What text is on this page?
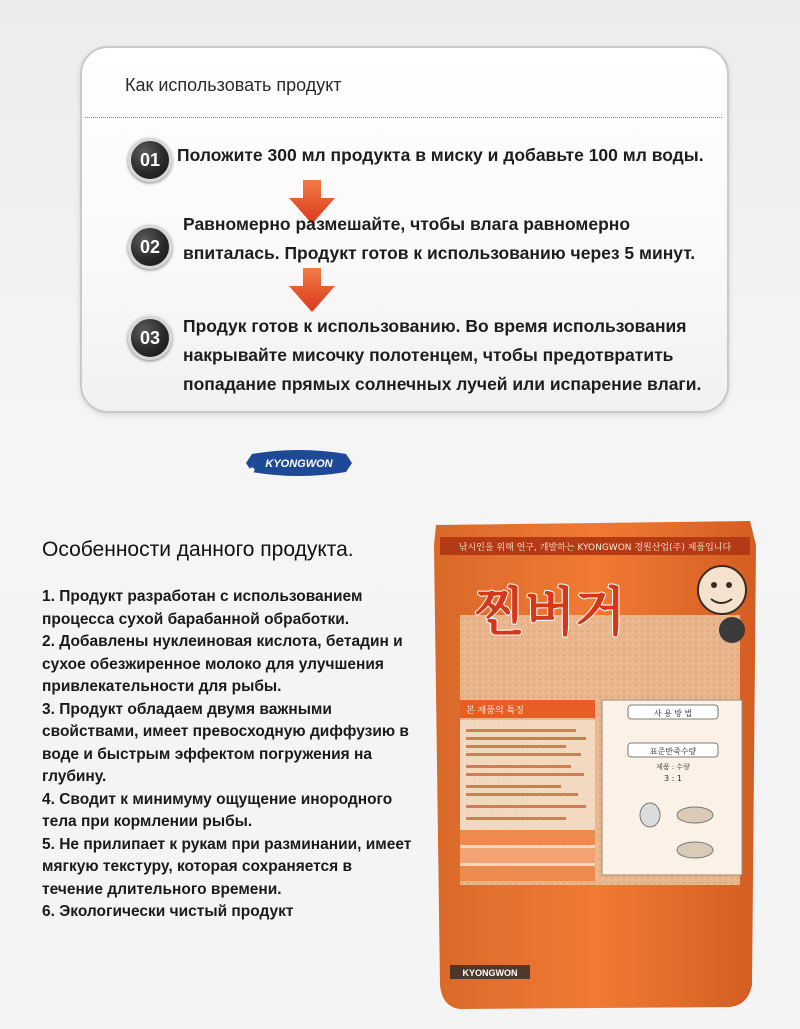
Как использовать продукт
01 Положите 300 мл продукта в миску и добавьте 100 мл воды.
02
Равномерно размешайте, чтобы влага равномерно
впиталась. Продукт готов к использованию через 5 минут.
03
Продук готов к использованию. Во время использования
накрывайте мисочку полотенцем, чтобы предотвратить
попадание прямых солнечных лучей или испарение влаги.
KYONGWON
Особенности данного продукта.
1. Продукт разработан с использованием
процесса сухой барабанной обработки.
2. Добавлены нуклеиновая кислота, бетадин и
сухое обезжиренное молоко для улучшения
привлекательности для рыбы.
3. Продукт обладаем двумя важными
свойствами, имеет превосходную диффузию в
воде и быстрым эффектом погружения на
глубину.
4. Сводит к минимуму ощущение инородного
тела при кормлении рыбы.
5. Не прилипает к рукам при разминании, имеет
мягкую текстуру, которая сохраняется в
течение длительного времени.
6. Экологически чистый продукт
낚시인을 위해 연구, 개발하는 KYONGWON 경원산업(주) 제품입니다
찐버거
본 제품의 특징	사 용 방 법
표준반죽수량
제품 : 수량
3 : 1
KYONGWON
